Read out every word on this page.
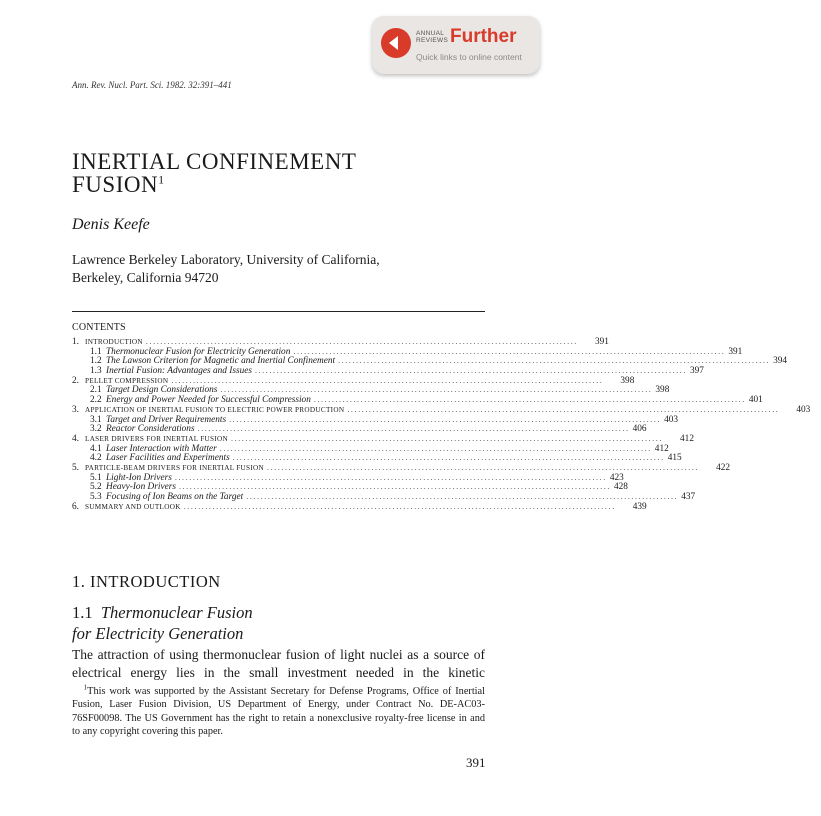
ANNUAL
REVIEWS Further
Quick links to online content
Ann. Rev. Nucl. Part. Sci. 1982. 32:391–441
INERTIAL CONFINEMENT
FUSION$^1$
Denis Keefe
Lawrence Berkeley Laboratory, University of California,
Berkeley, California 94720
CONTENTS
1. INTRODUCTION ........................................................................................................................	391
1.1 Thermonuclear Fusion for Electricity Generation ........................................................................................................................ 391
1.2 The Lawson Criterion for Magnetic and Inertial Confinement ........................................................................................................................ 394
1.3 Inertial Fusion: Advantages and Issues ........................................................................................................................ 397
2. PELLET COMPRESSION ........................................................................................................................	398
2.1 Target Design Considerations ........................................................................................................................ 398
2.2 Energy and Power Needed for Successful Compression ........................................................................................................................ 401
3. APPLICATION OF INERTIAL FUSION TO ELECTRIC POWER PRODUCTION ........................................................................................................................	403
3.1 Target and Driver Requirements ........................................................................................................................ 403
3.2 Reactor Considerations ........................................................................................................................ 406
4. LASER DRIVERS FOR INERTIAL FUSION ........................................................................................................................	412
4.1 Laser Interaction with Matter ........................................................................................................................ 412
4.2 Laser Facilities and Experiments ........................................................................................................................ 415
5. PARTICLE-BEAM DRIVERS FOR INERTIAL FUSION ........................................................................................................................	422
5.1 Light-Ion Drivers ........................................................................................................................ 423
5.2 Heavy-Ion Drivers ........................................................................................................................ 428
5.3 Focusing of Ion Beams on the Target ........................................................................................................................ 437
6. SUMMARY AND OUTLOOK ........................................................................................................................	439
1. INTRODUCTION
1.1 Thermonuclear Fusion
for Electricity Generation
The attraction of using thermonuclear fusion of light nuclei as a source of electrical energy lies in the small investment needed in the kinetic
$^1$This work was supported by the Assistant Secretary for Defense Programs, Office of Inertial Fusion, Laser Fusion Division, US Department of Energy, under Contract No. DE-AC03-76SF00098. The US Government has the right to retain a nonexclusive royalty-free license in and to any copyright covering this paper.
391
